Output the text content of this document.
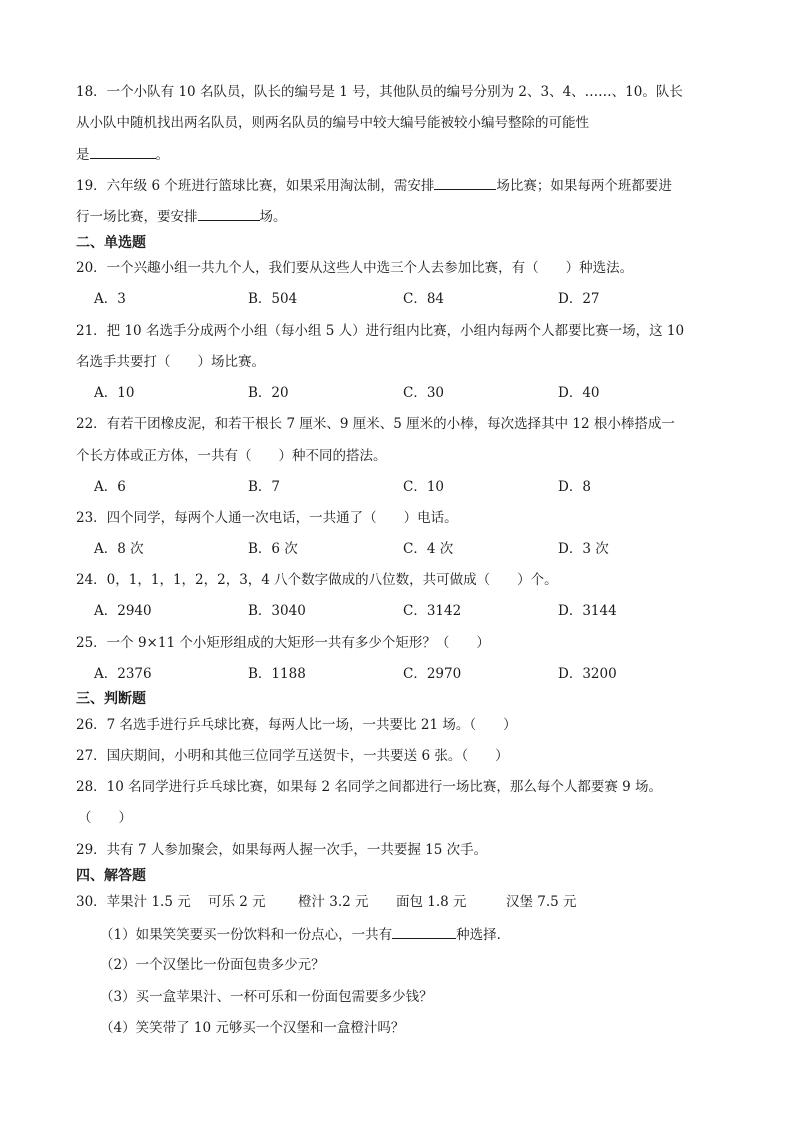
18．一个小队有 10 名队员，队长的编号是 1 号，其他队员的编号分别为 2、3、4、……、10。队长
从小队中随机找出两名队员，则两名队员的编号中较大编号能被较小编号整除的可能性
是	。
19．六年级 6 个班进行篮球比赛，如果采用淘汰制，需安排	场比赛；如果每两个班都要进
行一场比赛，要安排	场。
二、单选题
20．一个兴趣小组一共九个人，我们要从这些人中选三个人去参加比赛，有（　　）种选法。
A．3	B．504	C．84	D．27
21．把 10 名选手分成两个小组（每小组 5 人）进行组内比赛，小组内每两个人都要比赛一场，这 10
名选手共要打（　　）场比赛。
A．10	B．20	C．30	D．40
22．有若干团橡皮泥，和若干根长 7 厘米、9 厘米、5 厘米的小棒，每次选择其中 12 根小棒搭成一
个长方体或正方体，一共有（　　）种不同的搭法。
A．6	B．7	C．10	D．8
23．四个同学，每两个人通一次电话，一共通了（　　）电话。
A．8 次	B．6 次	C．4 次	D．3 次
24．0，1，1，1，2，2，3，4 八个数字做成的八位数，共可做成（　　）个。
A．2940	B．3040	C．3142	D．3144
25．一个 9×11 个小矩形组成的大矩形一共有多少个矩形？（　　）
A．2376	B．1188	C．2970	D．3200
三、判断题
26．7 名选手进行乒乓球比赛，每两人比一场，一共要比 21 场。（　　）
27．国庆期间，小明和其他三位同学互送贺卡，一共要送 6 张。（　　）
28．10 名同学进行乒乓球比赛，如果每 2 名同学之间都进行一场比赛，那么每个人都要赛 9 场。
（　　）
29．共有 7 人参加聚会，如果每两人握一次手，一共要握 15 次手。
四、解答题
30．苹果汁 1.5 元 可乐 2 元 橙汁 3.2 元 面包 1.8 元	汉堡 7.5 元
（1）如果笑笑要买一份饮料和一份点心，一共有	种选择．
（2）一个汉堡比一份面包贵多少元？
（3）买一盒苹果汁、一杯可乐和一份面包需要多少钱？
（4）笑笑带了 10 元够买一个汉堡和一盒橙汁吗？
